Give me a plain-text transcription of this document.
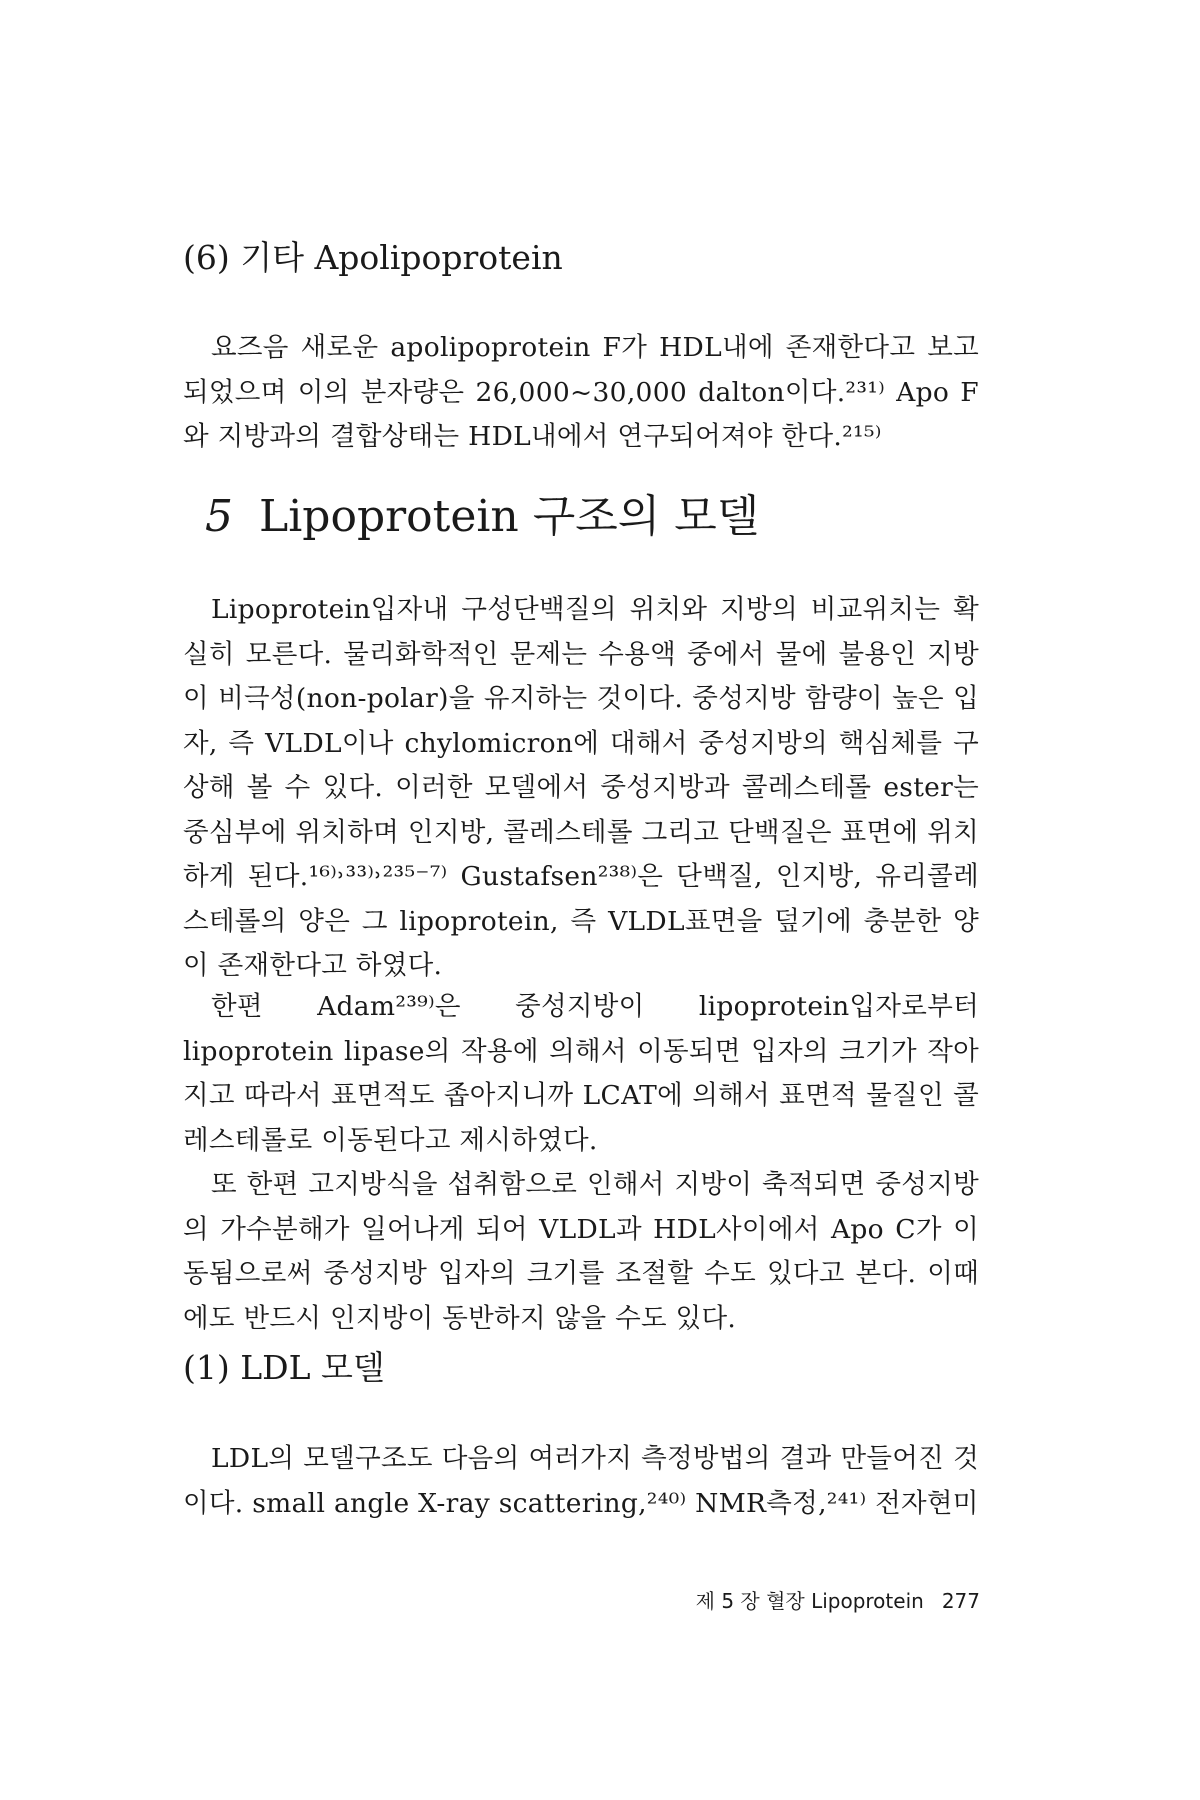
(6) 기타 Apolipoprotein

요즈음 새로운 apolipoprotein F가 HDL내에 존재한다고 보고되었으며 이의 분자량은 26,000~30,000 dalton이다.²³¹⁾ Apo F와 지방과의 결합상태는 HDL내에서 연구되어져야 한다.²¹⁵⁾

5 Lipoprotein 구조의 모델

Lipoprotein입자내 구성단백질의 위치와 지방의 비교위치는 확실히 모른다. 물리화학적인 문제는 수용액 중에서 물에 불용인 지방이 비극성(non-polar)을 유지하는 것이다. 중성지방 함량이 높은 입자, 즉 VLDL이나 chylomicron에 대해서 중성지방의 핵심체를 구상해 볼 수 있다. 이러한 모델에서 중성지방과 콜레스테롤 ester는 중심부에 위치하며 인지방, 콜레스테롤 그리고 단백질은 표면에 위치하게 된다.¹⁶⁾˒³³⁾˒²³⁵⁻⁷⁾ Gustafsen²³⁸⁾은 단백질, 인지방, 유리콜레스테롤의 양은 그 lipoprotein, 즉 VLDL표면을 덮기에 충분한 양이 존재한다고 하였다.

한편 Adam²³⁹⁾은 중성지방이 lipoprotein입자로부터 lipoprotein lipase의 작용에 의해서 이동되면 입자의 크기가 작아지고 따라서 표면적도 좁아지니까 LCAT에 의해서 표면적 물질인 콜레스테롤로 이동된다고 제시하였다.

또 한편 고지방식을 섭취함으로 인해서 지방이 축적되면 중성지방의 가수분해가 일어나게 되어 VLDL과 HDL사이에서 Apo C가 이동됨으로써 중성지방 입자의 크기를 조절할 수도 있다고 본다. 이때에도 반드시 인지방이 동반하지 않을 수도 있다.

(1) LDL 모델

LDL의 모델구조도 다음의 여러가지 측정방법의 결과 만들어진 것이다. small angle X-ray scattering,²⁴⁰⁾ NMR측정,²⁴¹⁾ 전자현미

제 5 장 혈장 Lipoprotein 277
